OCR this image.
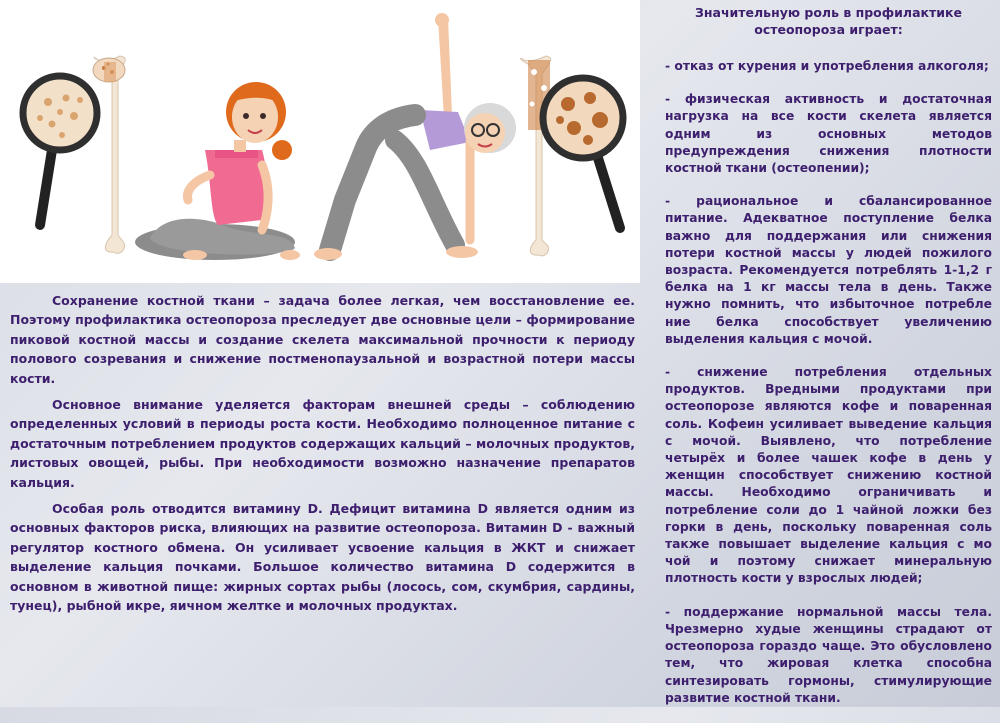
Сохранение костной ткани – задача более легкая, чем восстановление ее. Поэтому профилактика остеопороза преследует две основные цели – формирование пиковой костной массы и создание скелета максимальной прочности к периоду полового созревания и снижение постменопаузальной и возрастной потери массы кости.

Основное внимание уделяется факторам внешней среды – соблюдению определенных условий в периоды роста кости. Необходимо полноценное питание с достаточным потреблением продуктов содержащих кальций – молочных продуктов, листовых овощей, рыбы. При необходимости возможно назначение препаратов кальция.

Особая роль отводится витамину D. Дефицит витамина D является одним из основных факторов риска, влияющих на развитие остеопороза. Витамин D - важный регулятор костного обмена. Он усиливает усвоение кальция в ЖКТ и снижает выделение кальция почками. Большое количество витамина D содержится в основном в животной пище: жирных сортах рыбы (лосось, сом, скумбрия, сардины, тунец), рыбной икре, яичном желтке и молочных продуктах.

Значительную роль в профилактике остеопороза играет:

- отказ от курения и употребления алкоголя;

- физическая активность и достаточная нагрузка на все кости скелета является одним из основных методов предупреждения снижения плотности костной ткани (остеопении);

- рациональное и сбалансированное питание. Адекватное поступление белка важно для поддержания или снижения потери костной массы у людей пожилого возраста. Рекомендуется потреблять 1-1,2 г белка на 1 кг массы тела в день. Также нужно помнить, что избыточное потребле ние белка способствует увеличению выделения кальция с мочой.

- снижение потребления отдельных продуктов. Вредными продуктами при остеопорозе являются кофе и поваренная соль. Кофеин усиливает выведение кальция с мочой. Выявлено, что потребление четырёх и более чашек кофе в день у женщин способствует снижению костной массы. Необходимо ограничивать и потребление соли до 1 чайной ложки без горки в день, поскольку поваренная соль также повышает выделение кальция с мо чой и поэтому снижает минеральную плотность кости у взрослых людей;

- поддержание нормальной массы тела. Чрезмерно худые женщины страдают от остеопороза гораздо чаще. Это обусловлено тем, что жировая клетка способна синтезировать гормоны, стимулирующие развитие костной ткани.
